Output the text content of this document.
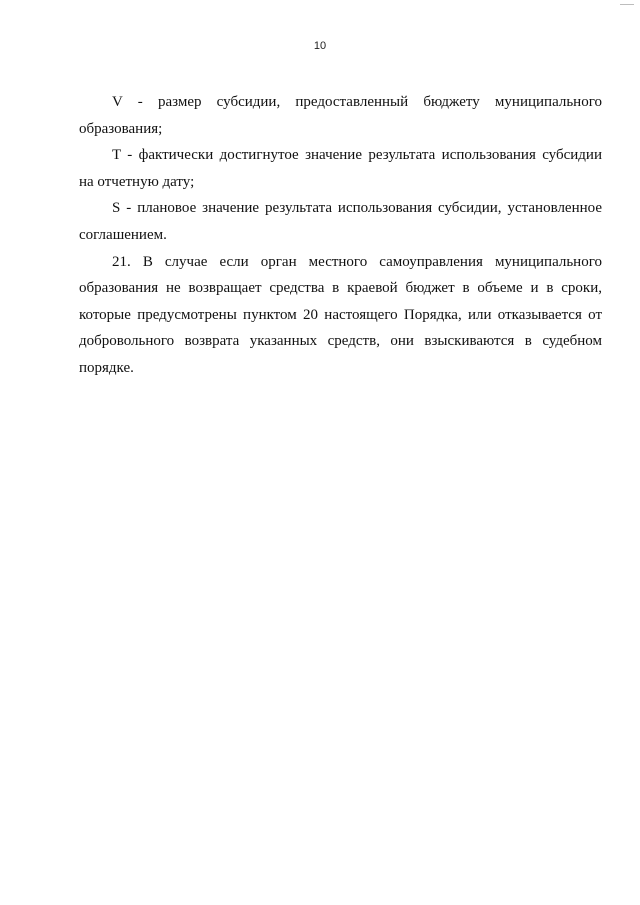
10

V - размер субсидии, предоставленный бюджету муниципального образования;

T - фактически достигнутое значение результата использования субсидии на отчетную дату;

S - плановое значение результата использования субсидии, установленное соглашением.

21. В случае если орган местного самоуправления муниципального образования не возвращает средства в краевой бюджет в объеме и в сроки, которые предусмотрены пунктом 20 настоящего Порядка, или отказывается от добровольного возврата указанных средств, они взыскиваются в судебном порядке.
